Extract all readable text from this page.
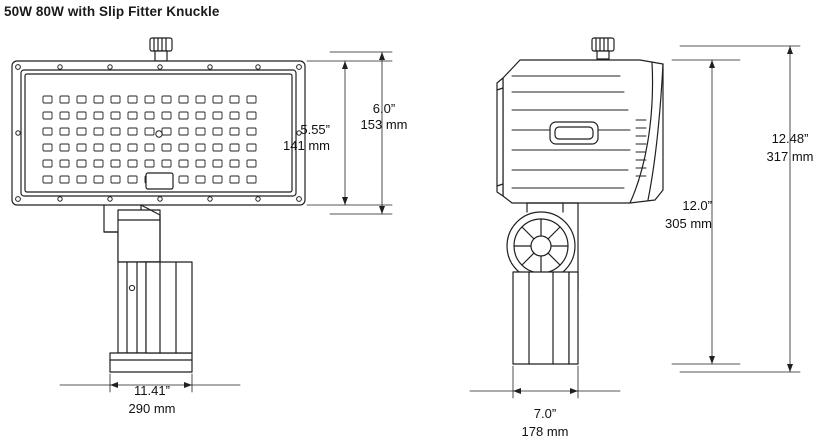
50W 80W with Slip Fitter Knuckle
5.55”
141 mm
6.0”
153 mm
11.41”
290 mm
12.0”
305 mm
12.48”
317 mm
7.0”
178 mm
